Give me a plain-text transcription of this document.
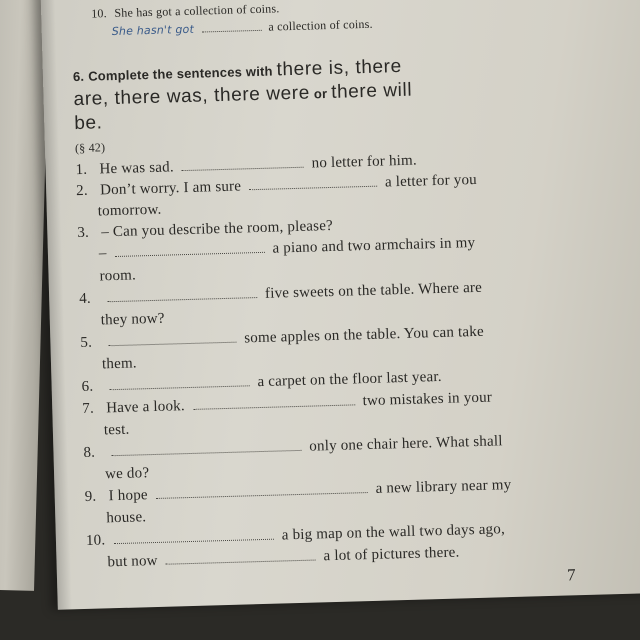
10. She has got a collection of coins.
She hasn't got	a collection of coins.
6. Complete the sentences with there is, there
are, there was, there were or there will
be.
(§ 42)
1. He was sad.	no letter for him.
2. Don’t worry. I am sure	a letter for you
tomorrow.
3. – Can you describe the room, please?
–	a piano and two armchairs in my
room.
4.	five sweets on the table. Where are
they now?
5.	some apples on the table. You can take
them.
6.	a carpet on the floor last year.
7. Have a look.	two mistakes in your
test.
8.	only one chair here. What shall
we do?
9. I hope	a new library near my
house.
10.	a big map on the wall two days ago,
but now	a lot of pictures there.
7
